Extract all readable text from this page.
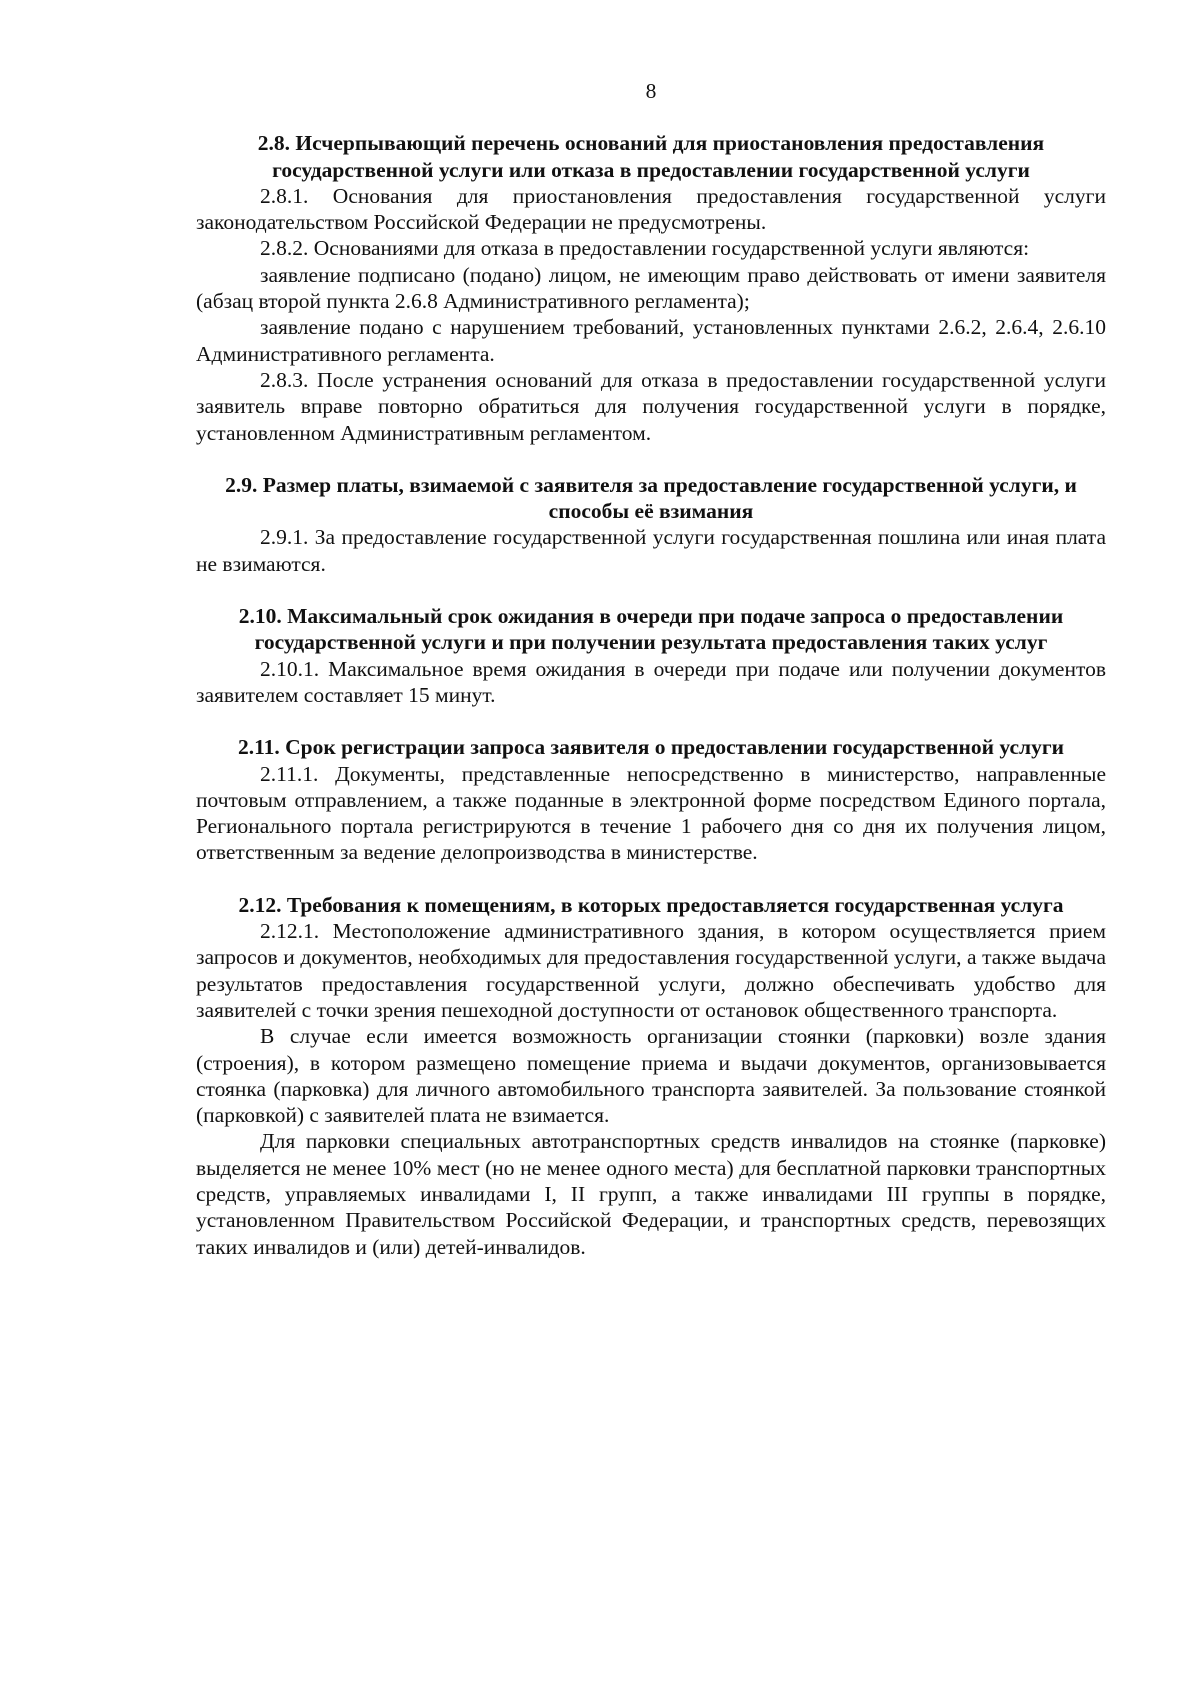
8

2.8. Исчерпывающий перечень оснований для приостановления предоставления государственной услуги или отказа в предоставлении государственной услуги

2.8.1. Основания для приостановления предоставления государственной услуги законодательством Российской Федерации не предусмотрены.

2.8.2. Основаниями для отказа в предоставлении государственной услуги являются:

заявление подписано (подано) лицом, не имеющим право действовать от имени заявителя (абзац второй пункта 2.6.8 Административного регламента);

заявление подано с нарушением требований, установленных пунктами 2.6.2, 2.6.4, 2.6.10 Административного регламента.

2.8.3. После устранения оснований для отказа в предоставлении государственной услуги заявитель вправе повторно обратиться для получения государственной услуги в порядке, установленном Административным регламентом.

2.9. Размер платы, взимаемой с заявителя за предоставление государственной услуги, и способы её взимания

2.9.1. За предоставление государственной услуги государственная пошлина или иная плата не взимаются.

2.10. Максимальный срок ожидания в очереди при подаче запроса о предоставлении государственной услуги и при получении результата предоставления таких услуг

2.10.1. Максимальное время ожидания в очереди при подаче или получении документов заявителем составляет 15 минут.

2.11. Срок регистрации запроса заявителя о предоставлении государственной услуги

2.11.1. Документы, представленные непосредственно в министерство, направленные почтовым отправлением, а также поданные в электронной форме посредством Единого портала, Регионального портала регистрируются в течение 1 рабочего дня со дня их получения лицом, ответственным за ведение делопроизводства в министерстве.

2.12. Требования к помещениям, в которых предоставляется государственная услуга

2.12.1. Местоположение административного здания, в котором осуществляется прием запросов и документов, необходимых для предоставления государственной услуги, а также выдача результатов предоставления государственной услуги, должно обеспечивать удобство для заявителей с точки зрения пешеходной доступности от остановок общественного транспорта.

В случае если имеется возможность организации стоянки (парковки) возле здания (строения), в котором размещено помещение приема и выдачи документов, организовывается стоянка (парковка) для личного автомобильного транспорта заявителей. За пользование стоянкой (парковкой) с заявителей плата не взимается.

Для парковки специальных автотранспортных средств инвалидов на стоянке (парковке) выделяется не менее 10% мест (но не менее одного места) для бесплатной парковки транспортных средств, управляемых инвалидами I, II групп, а также инвалидами III группы в порядке, установленном Правительством Российской Федерации, и транспортных средств, перевозящих таких инвалидов и (или) детей-инвалидов.
